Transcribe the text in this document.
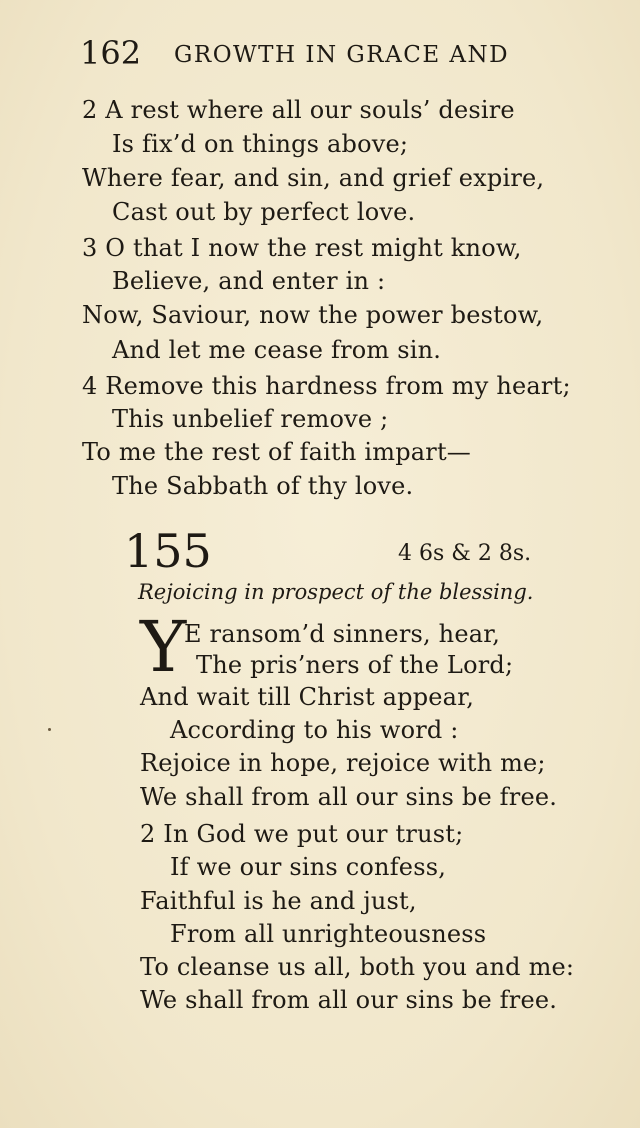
162 GROWTH IN GRACE AND
2 A rest where all our souls’ desire
Is fix’d on things above;
Where fear, and sin, and grief expire,
Cast out by perfect love.
3 O that I now the rest might know,
Believe, and enter in :
Now, Saviour, now the power bestow,
And let me cease from sin.
4 Remove this hardness from my heart;
This unbelief remove ;
To me the rest of faith impart—
The Sabbath of thy love.
155	4 6s & 2 8s.
Rejoicing in prospect of the blessing.
Y
E ransom’d sinners, hear,
The pris’ners of the Lord;
And wait till Christ appear,
According to his word :
Rejoice in hope, rejoice with me;
We shall from all our sins be free.
2 In God we put our trust;
If we our sins confess,
Faithful is he and just,
From all unrighteousness
To cleanse us all, both you and me:
We shall from all our sins be free.
